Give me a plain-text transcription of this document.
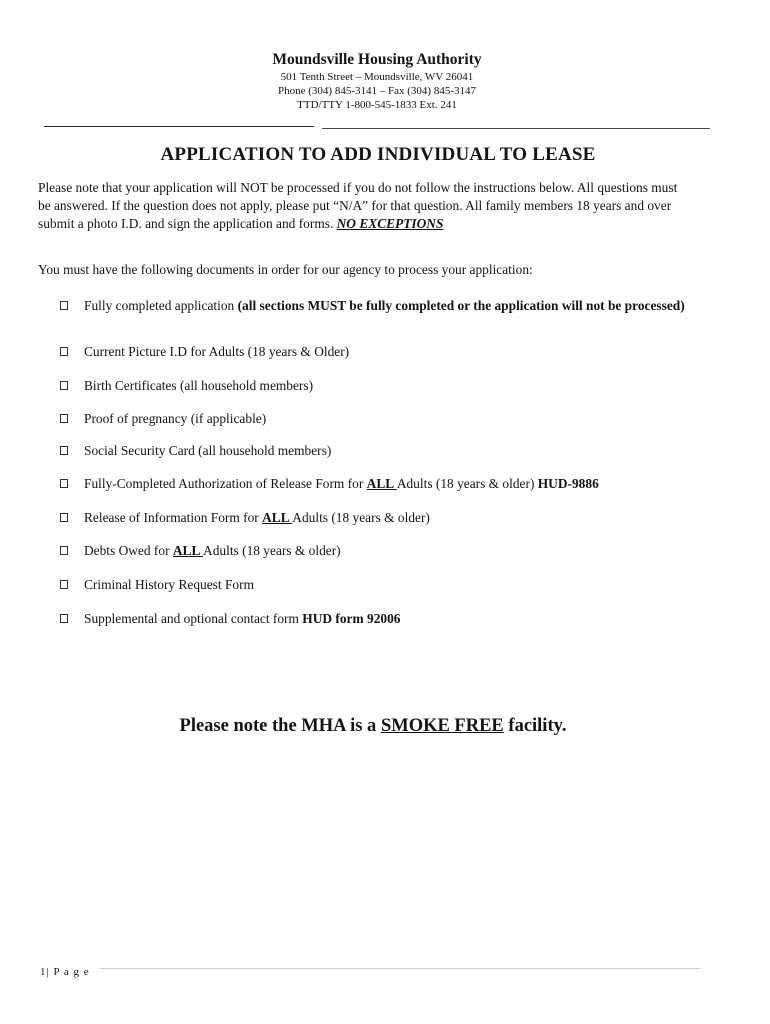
Moundsville Housing Authority
501 Tenth Street – Moundsville, WV 26041
Phone (304) 845-3141 – Fax (304) 845-3147
TTD/TTY 1-800-545-1833 Ext. 241
APPLICATION TO ADD INDIVIDUAL TO LEASE
Please note that your application will NOT be processed if you do not follow the instructions below. All questions must be answered. If the question does not apply, please put “N/A” for that question. All family members 18 years and over submit a photo I.D. and sign the application and forms. NO EXCEPTIONS
You must have the following documents in order for our agency to process your application:
Fully completed application (all sections MUST be fully completed or the application will not be processed)
Current Picture I.D for Adults (18 years & Older)
Birth Certificates (all household members)
Proof of pregnancy (if applicable)
Social Security Card (all household members)
Fully-Completed Authorization of Release Form for ALL Adults (18 years & older) HUD-9886
Release of Information Form for ALL Adults (18 years & older)
Debts Owed for ALL Adults (18 years & older)
Criminal History Request Form
Supplemental and optional contact form HUD form 92006
Please note the MHA is a SMOKE FREE facility.
1| P a g e
